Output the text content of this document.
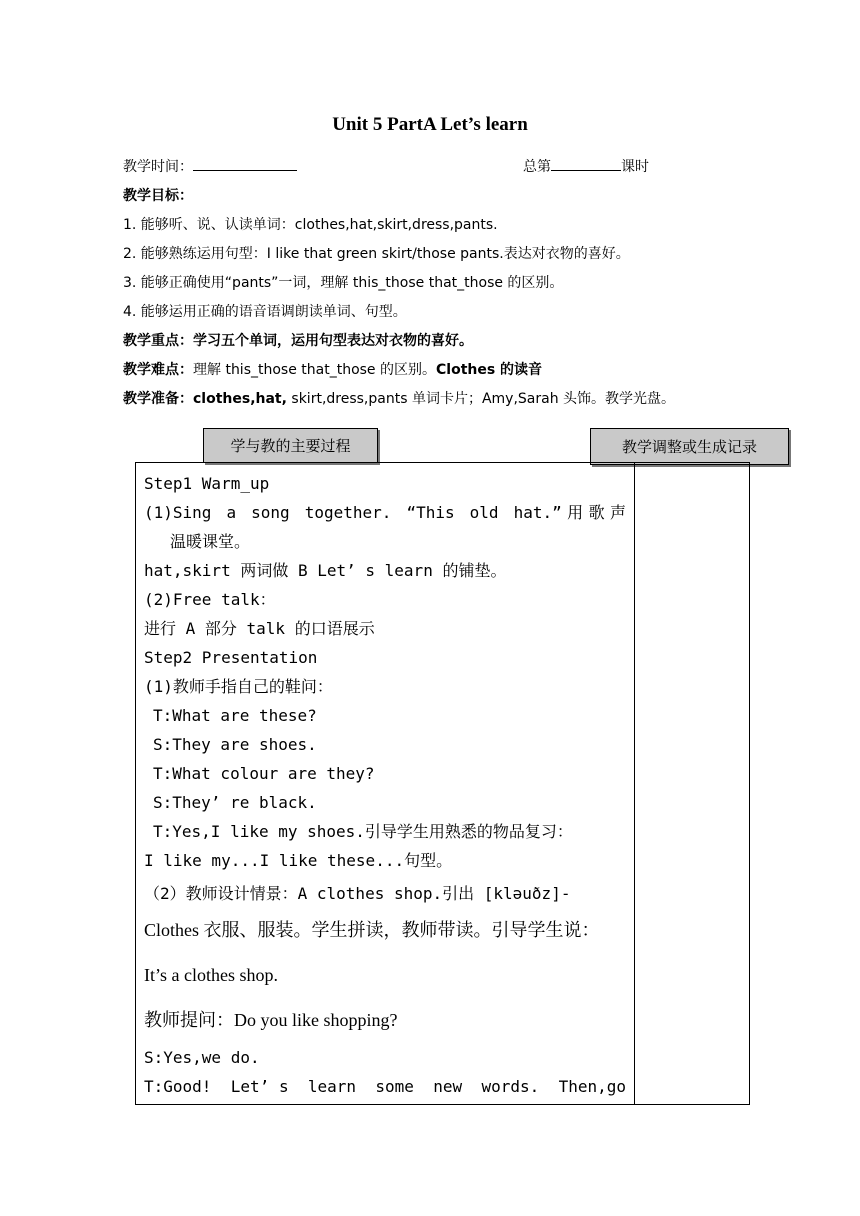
Unit 5 PartA Let’s learn
教学时间：	总第	课时
教学目标：
1. 能够听、说、认读单词：clothes,hat,skirt,dress,pants.
2. 能够熟练运用句型：I like that green skirt/those pants.表达对衣物的喜好。
3. 能够正确使用“pants”一词，理解 this_those that_those 的区别。
4. 能够运用正确的语音语调朗读单词、句型。
教学重点：学习五个单词，运用句型表达对衣物的喜好。
教学难点：理解 this_those that_those 的区别。Clothes 的读音
教学准备：clothes,hat, skirt,dress,pants 单词卡片；Amy,Sarah 头饰。教学光盘。
学与教的主要过程	教学调整或生成记录
Step1 Warm_up
(1)Sing a song together. “This old hat.”用歌声
温暖课堂。
hat,skirt 两词做 B Let’ s learn 的铺垫。
(2)Free talk：
进行 A 部分 talk 的口语展示
Step2 Presentation
(1)教师手指自己的鞋问：
T:What are these?
S:They are shoes.
T:What colour are they?
S:They’ re black.
T:Yes,I like my shoes.引导学生用熟悉的物品复习：
I like my...I like these...句型。
（2）教师设计情景：A clothes shop.引出 [kləuðz]-
Clothes 衣服、服装。学生拼读，教师带读。引导学生说：
It’s a clothes shop.
教师提问：Do you like shopping?
S:Yes,we do.
T:Good!  Let’ s  learn  some  new  words.  Then,go
